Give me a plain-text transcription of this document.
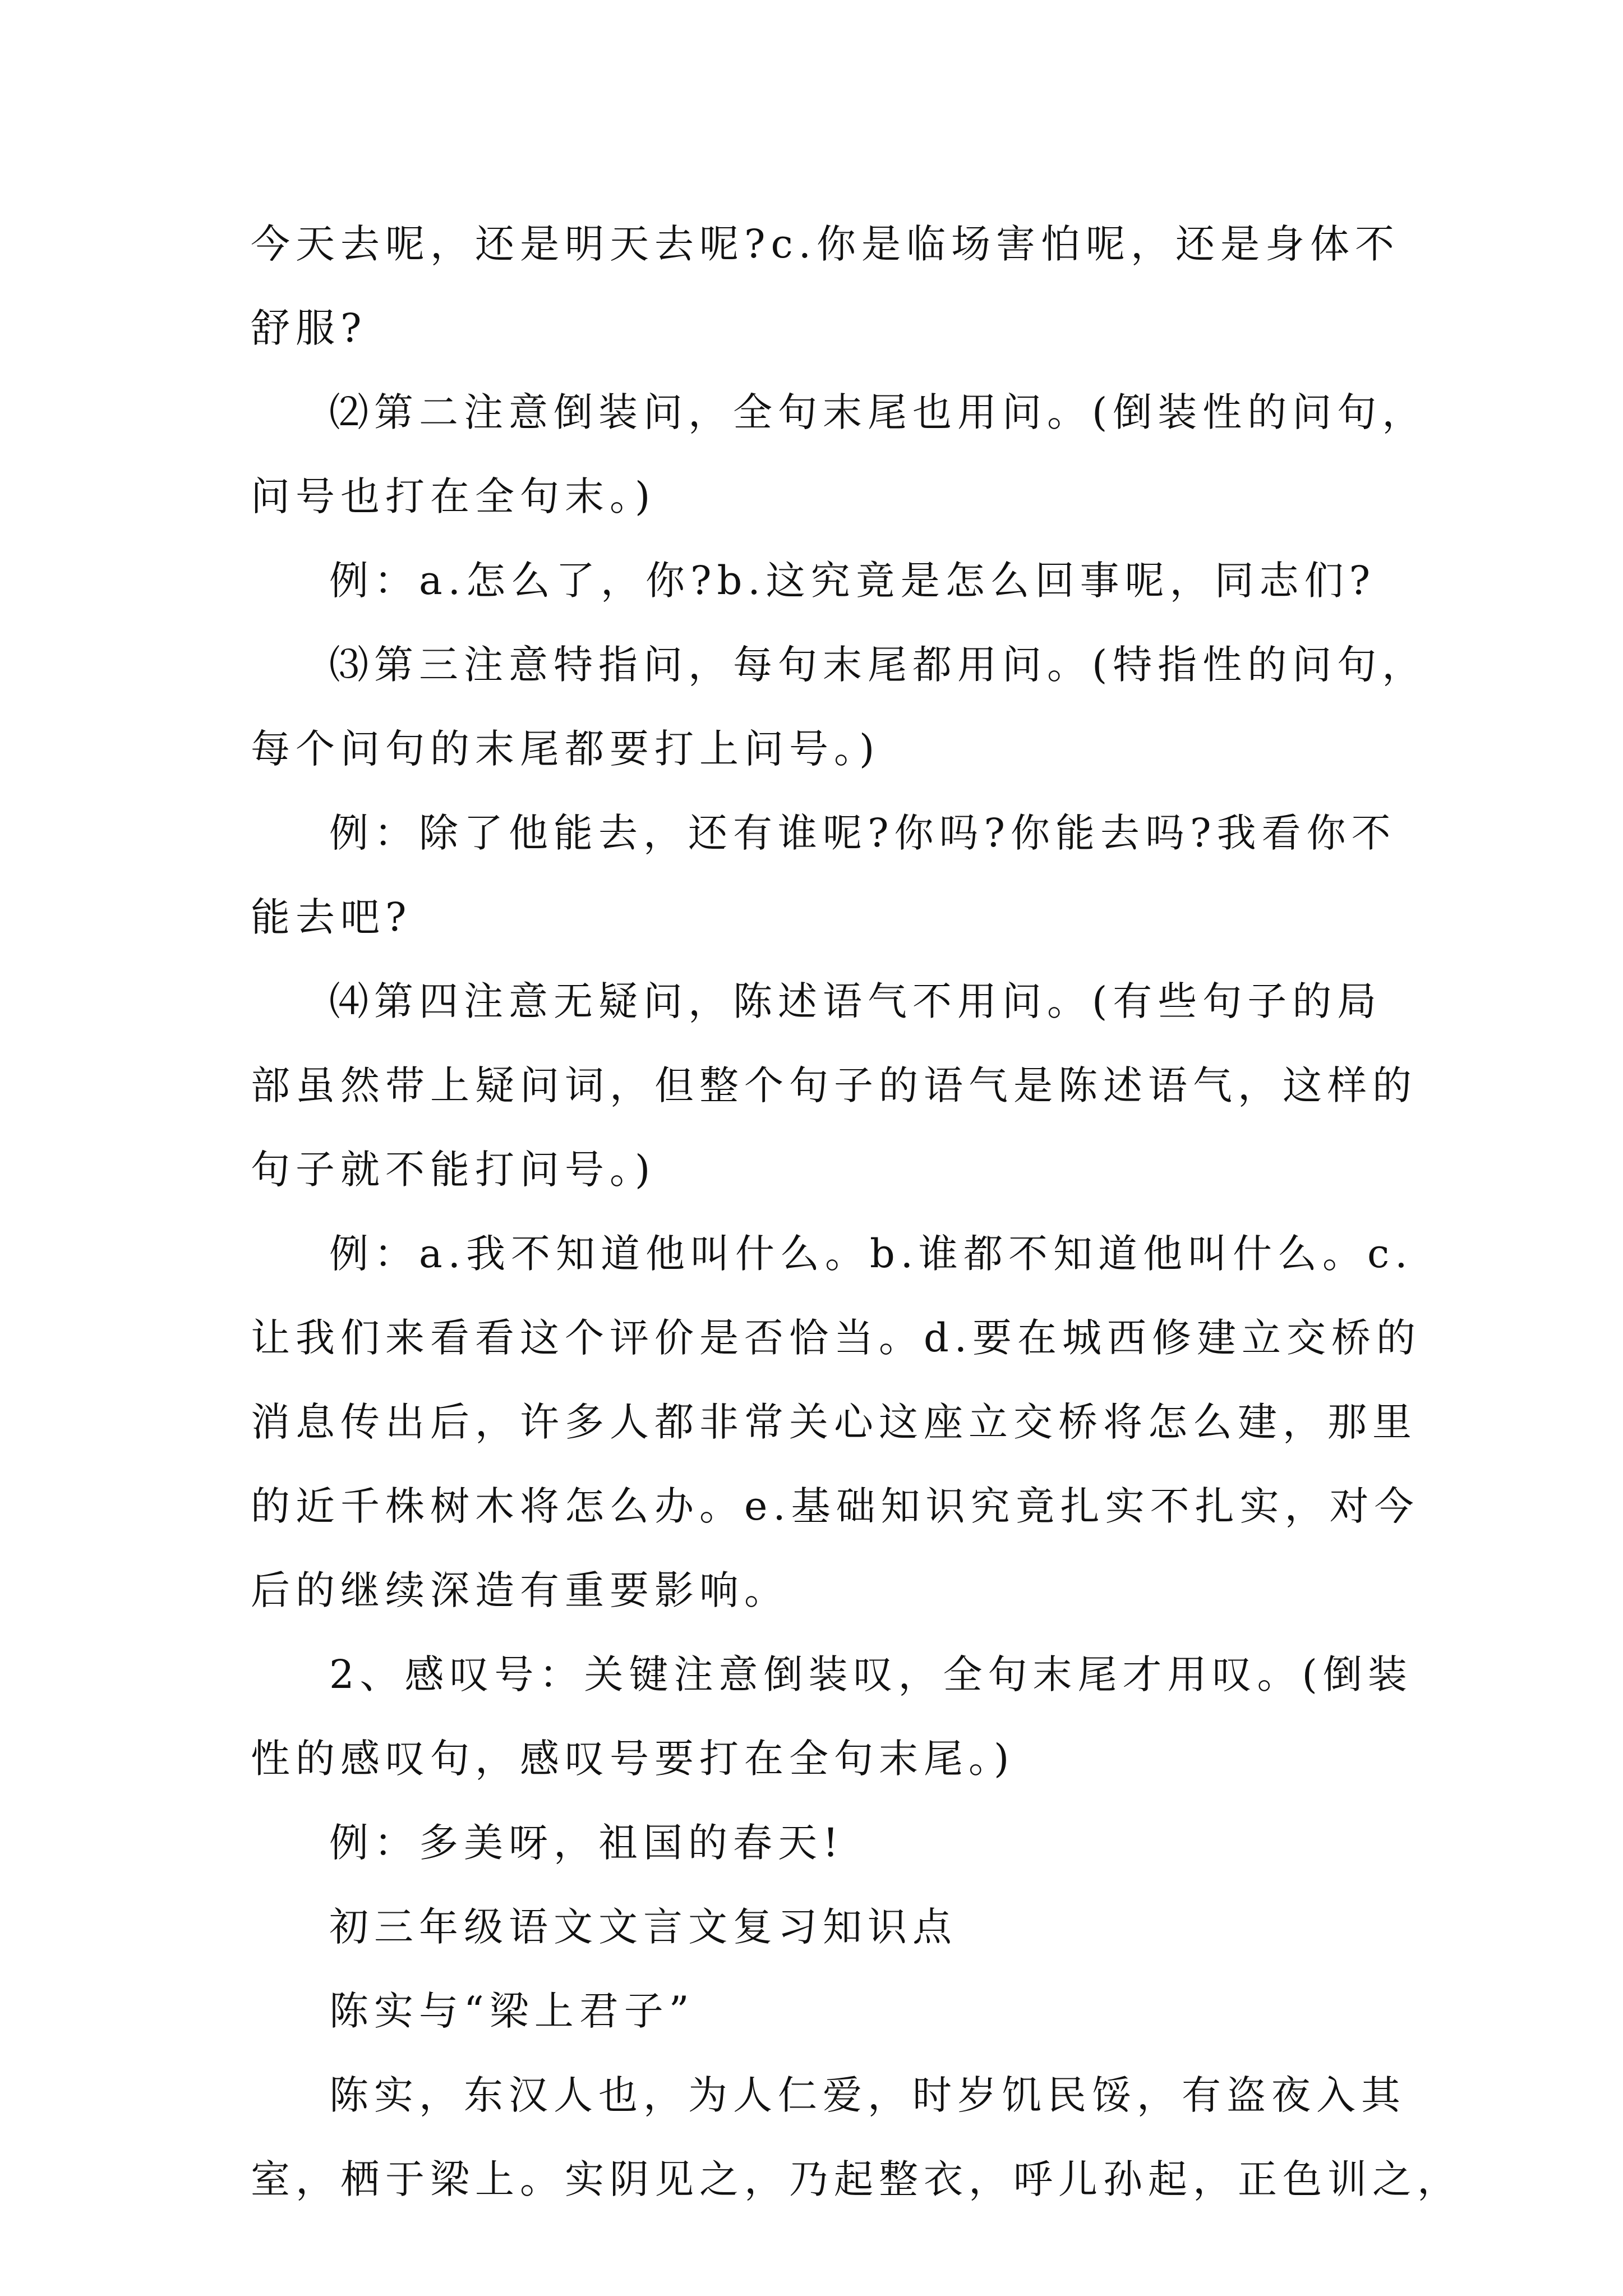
今天去呢，还是明天去呢?c.你是临场害怕呢，还是身体不
舒服?
⑵第二注意倒装问，全句末尾也用问。(倒装性的问句，
问号也打在全句末。)
例：a.怎么了，你?b.这究竟是怎么回事呢，同志们?
⑶第三注意特指问，每句末尾都用问。(特指性的问句，
每个问句的末尾都要打上问号。)
例：除了他能去，还有谁呢?你吗?你能去吗?我看你不
能去吧?
⑷第四注意无疑问，陈述语气不用问。(有些句子的局
部虽然带上疑问词，但整个句子的语气是陈述语气，这样的
句子就不能打问号。)
例：a.我不知道他叫什么。b.谁都不知道他叫什么。c.
让我们来看看这个评价是否恰当。d.要在城西修建立交桥的
消息传出后，许多人都非常关心这座立交桥将怎么建，那里
的近千株树木将怎么办。e.基础知识究竟扎实不扎实，对今
后的继续深造有重要影响。
2、感叹号：关键注意倒装叹，全句末尾才用叹。(倒装
性的感叹句，感叹号要打在全句末尾。)
例：多美呀，祖国的春天!
初三年级语文文言文复习知识点
陈实与“梁上君子”
陈实，东汉人也，为人仁爱，时岁饥民馁，有盗夜入其
室，栖于梁上。实阴见之，乃起整衣，呼儿孙起，正色训之，
